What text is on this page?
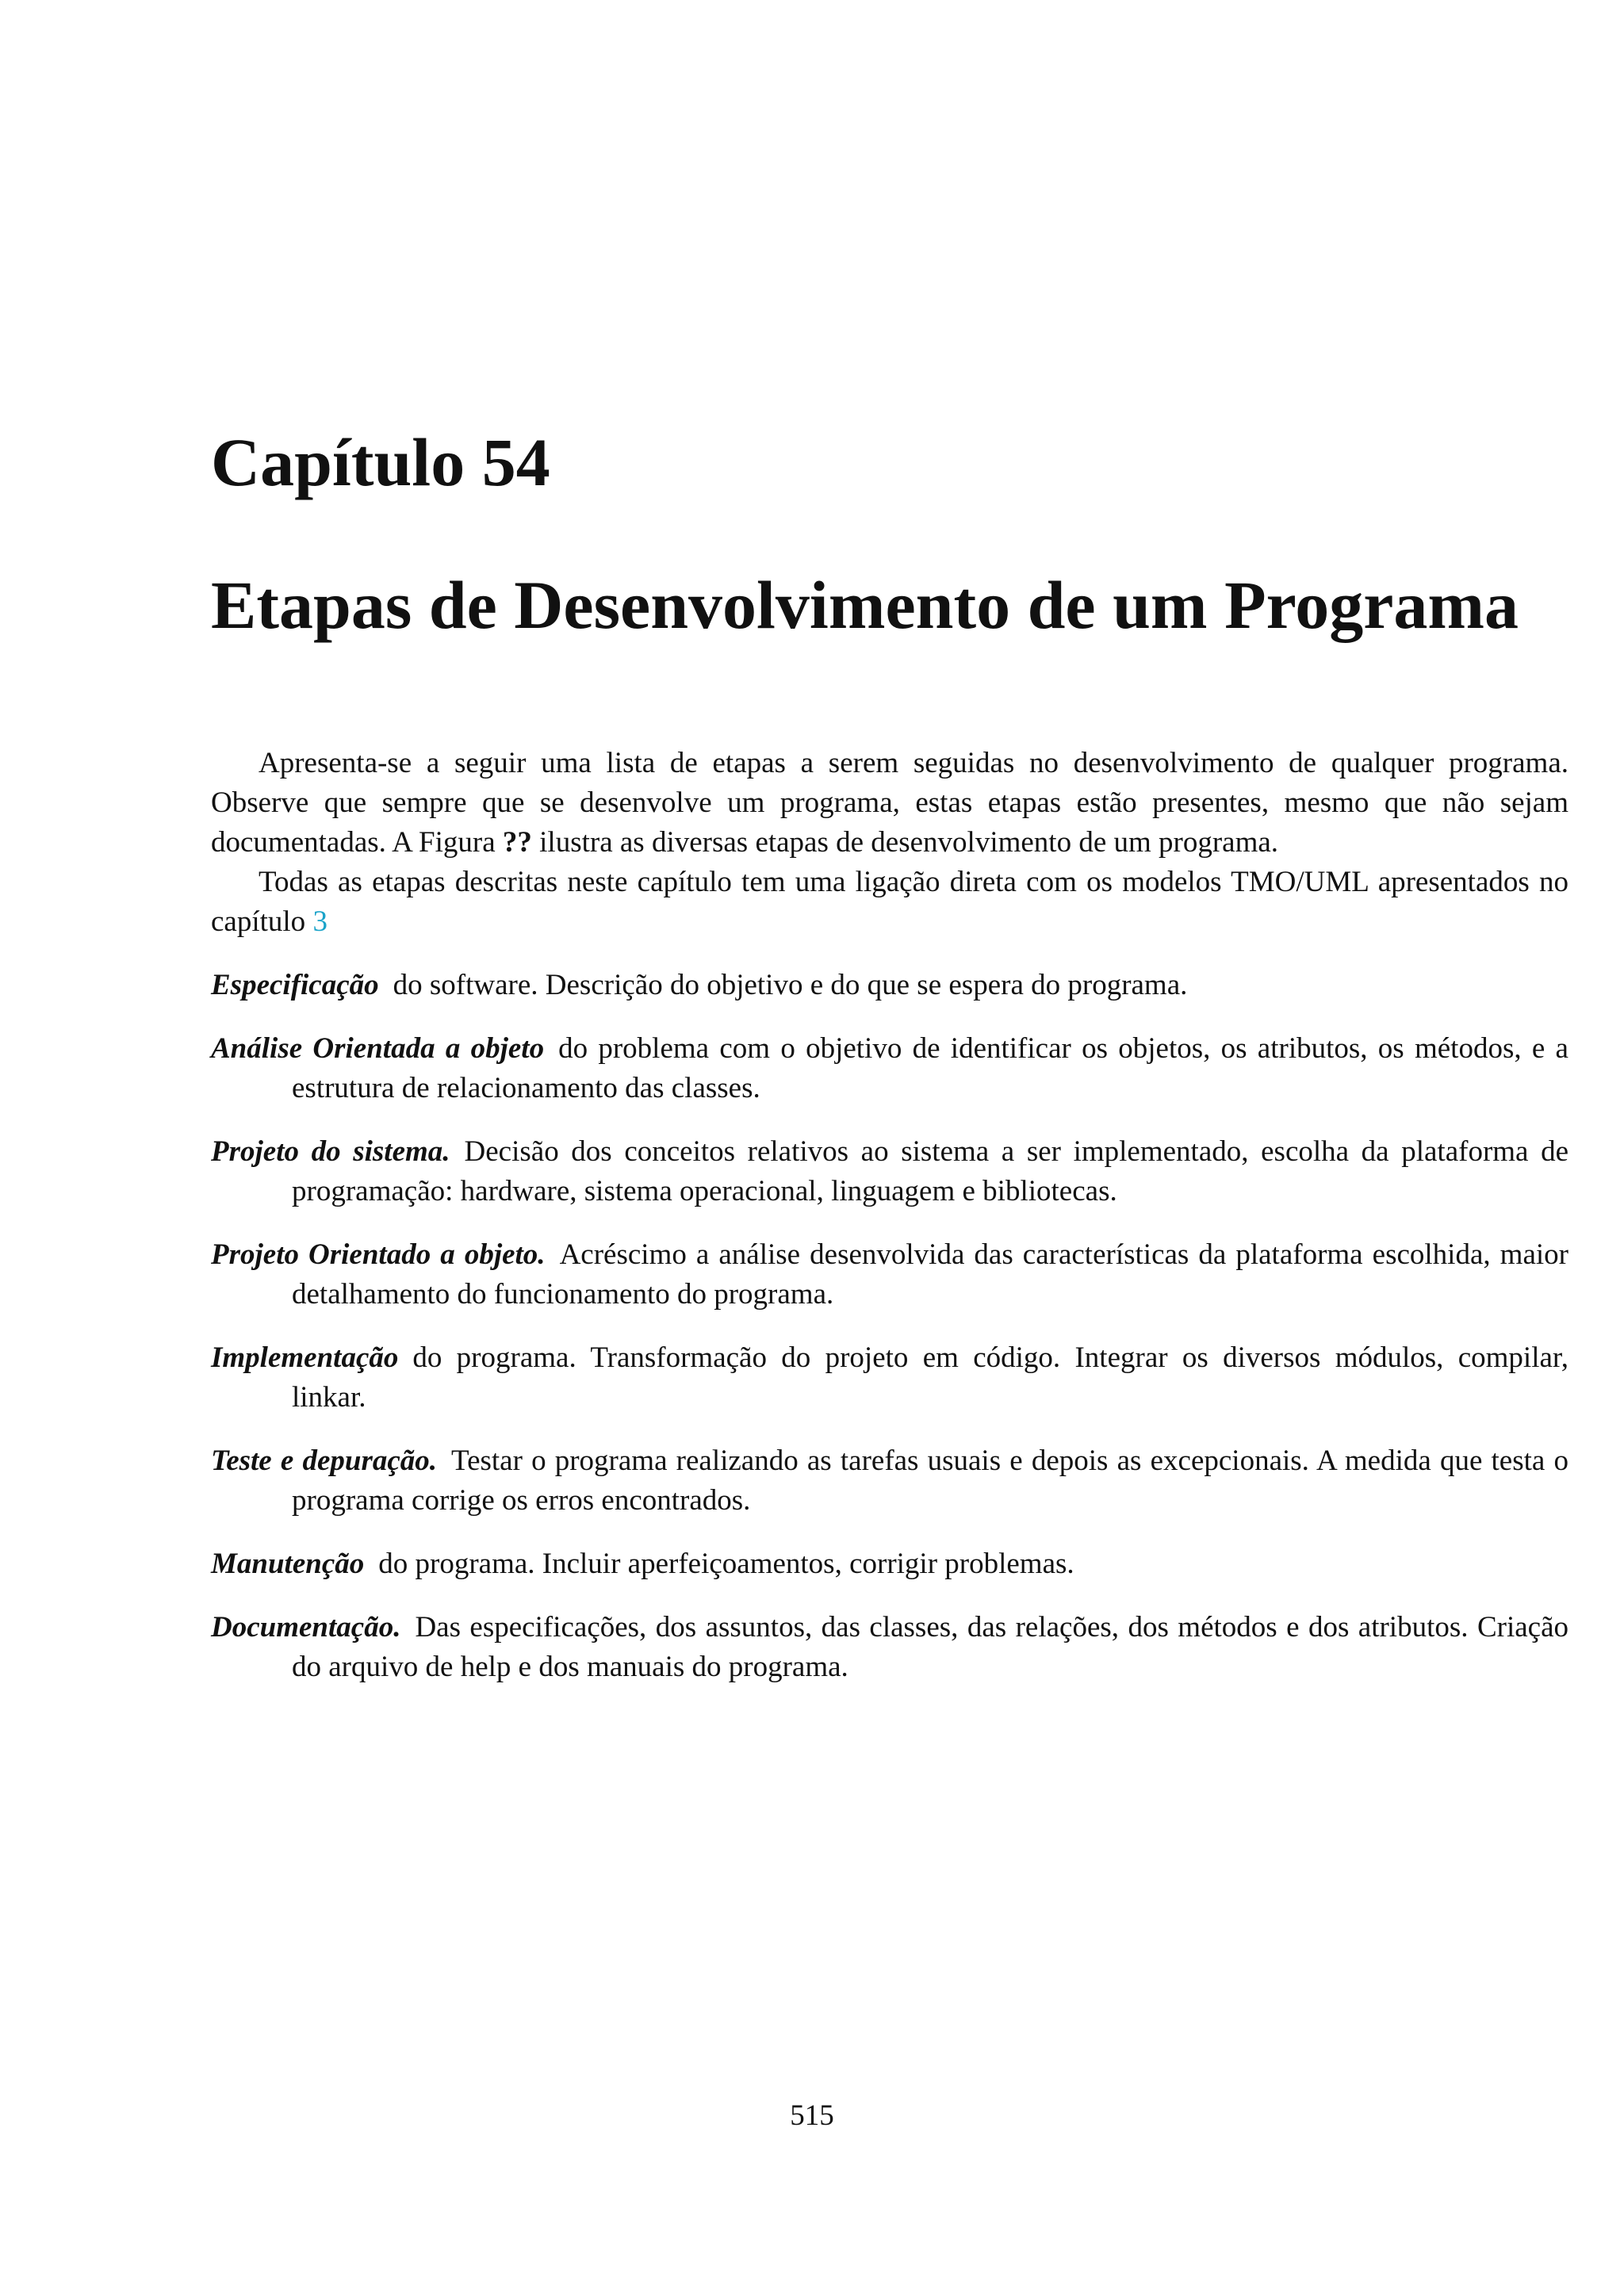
Capítulo 54
Etapas de Desenvolvimento de um Programa

Apresenta-se a seguir uma lista de etapas a serem seguidas no desenvolvimento de qualquer programa. Observe que sempre que se desenvolve um programa, estas etapas estão presentes, mesmo que não sejam documentadas. A Figura ?? ilustra as diversas etapas de desenvolvimento de um programa.

Todas as etapas descritas neste capítulo tem uma ligação direta com os modelos TMO/UML apresentados no capítulo 3

Especificação do software. Descrição do objetivo e do que se espera do programa.

Análise Orientada a objeto do problema com o objetivo de identificar os objetos, os atributos, os métodos, e a estrutura de relacionamento das classes.

Projeto do sistema. Decisão dos conceitos relativos ao sistema a ser implementado, escolha da plataforma de programação: hardware, sistema operacional, linguagem e bibliotecas.

Projeto Orientado a objeto. Acréscimo a análise desenvolvida das características da plataforma escolhida, maior detalhamento do funcionamento do programa.

Implementação do programa. Transformação do projeto em código. Integrar os diversos módulos, compilar, linkar.

Teste e depuração. Testar o programa realizando as tarefas usuais e depois as excepcionais. A medida que testa o programa corrige os erros encontrados.

Manutenção do programa. Incluir aperfeiçoamentos, corrigir problemas.

Documentação. Das especificações, dos assuntos, das classes, das relações, dos métodos e dos atributos. Criação do arquivo de help e dos manuais do programa.

515
